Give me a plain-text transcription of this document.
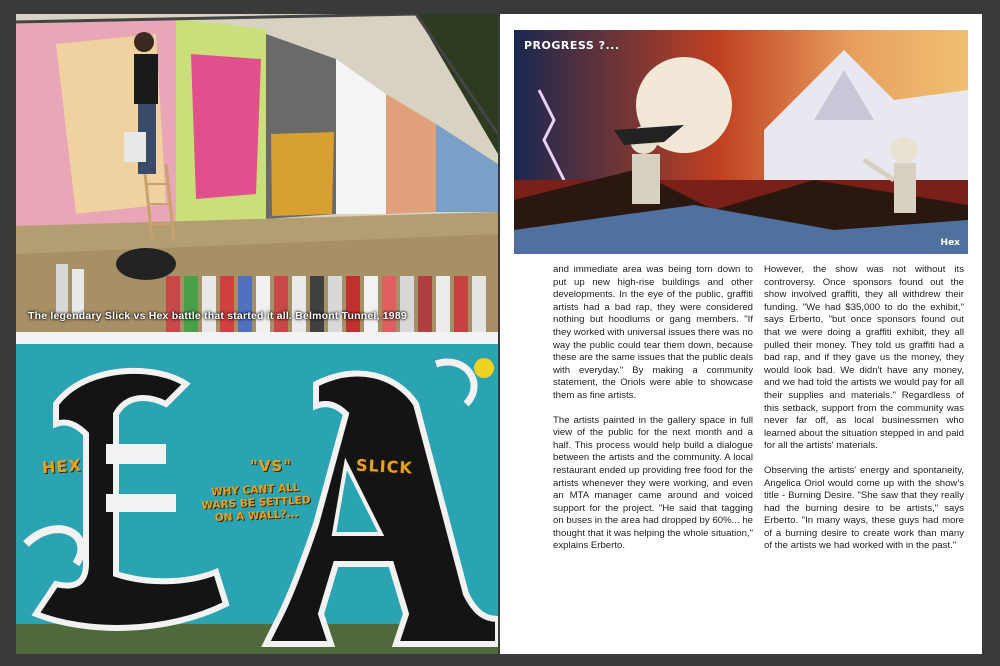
The legendary Slick vs Hex battle that started it all. Belmont Tunnel, 1989
HEX	"VS"	SLICK
WHY CANT ALL WARS BE SETTLED ON A WALL?...
PROGRESS ?...
Hex

and immediate area was being torn down to put up new high-rise buildings and other developments. In the eye of the public, graffiti artists had a bad rap, they were considered nothing but hoodlums or gang members. "If they worked with universal issues there was no way the public could tear them down, because these are the same issues that the public deals with everyday." By making a community statement, the Oriols were able to showcase them as fine artists.

The artists painted in the gallery space in full view of the public for the next month and a half. This process would help build a dialogue between the artists and the community. A local restaurant ended up providing free food for the artists whenever they were working, and even an MTA manager came around and voiced support for the project. "He said that tagging on buses in the area had dropped by 60%... he thought that it was helping the whole situation," explains Erberto.

However, the show was not without its controversy. Once sponsors found out the show involved graffiti, they all withdrew their funding. "We had $35,000 to do the exhibit," says Erberto, "but once sponsors found out that we were doing a graffiti exhibit, they all pulled their money. They told us graffiti had a bad rap, and if they gave us the money, they would look bad. We didn't have any money, and we had told the artists we would pay for all their supplies and materials." Regardless of this setback, support from the community was never far off, as local businessmen who learned about the situation stepped in and paid for all the artists' materials.

Observing the artists' energy and spontaneity, Angelica Oriol would come up with the show's title - Burning Desire. "She saw that they really had the burning desire to be artists," says Erberto. "In many ways, these guys had more of a burning desire to create work than many of the artists we had worked with in the past."
